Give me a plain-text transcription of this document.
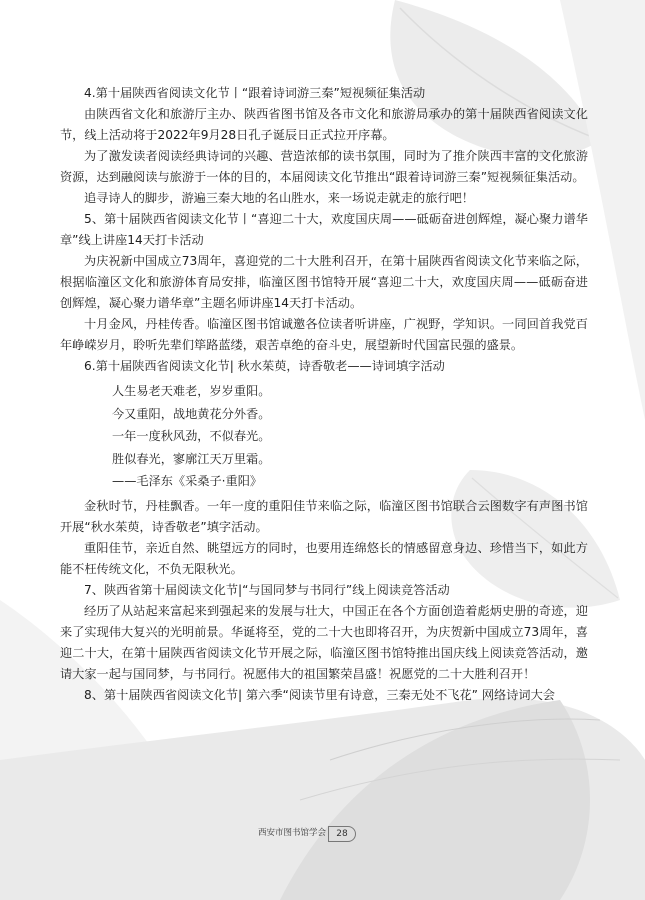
4.第十届陕西省阅读文化节丨“跟着诗词游三秦”短视频征集活动

由陕西省文化和旅游厅主办、陕西省图书馆及各市文化和旅游局承办的第十届陕西省阅读文化节，线上活动将于2022年9月28日孔子诞辰日正式拉开序幕。

为了激发读者阅读经典诗词的兴趣、营造浓郁的读书氛围，同时为了推介陕西丰富的文化旅游资源，达到融阅读与旅游于一体的目的，本届阅读文化节推出“跟着诗词游三秦”短视频征集活动。

追寻诗人的脚步，游遍三秦大地的名山胜水，来一场说走就走的旅行吧！

5、第十届陕西省阅读文化节丨“喜迎二十大，欢度国庆周——砥砺奋进创辉煌，凝心聚力谱华章”线上讲座14天打卡活动

为庆祝新中国成立73周年，喜迎党的二十大胜利召开，在第十届陕西省阅读文化节来临之际，根据临潼区文化和旅游体育局安排，临潼区图书馆特开展“喜迎二十大，欢度国庆周——砥砺奋进创辉煌，凝心聚力谱华章”主题名师讲座14天打卡活动。

十月金风，丹桂传香。临潼区图书馆诚邀各位读者听讲座，广视野，学知识。一同回首我党百年峥嵘岁月，聆听先辈们筚路蓝缕，艰苦卓绝的奋斗史，展望新时代国富民强的盛景。

6.第十届陕西省阅读文化节| 秋水茱萸，诗香敬老——诗词填字活动

人生易老天难老，岁岁重阳。
今又重阳，战地黄花分外香。
一年一度秋风劲，不似春光。
胜似春光，寥廓江天万里霜。
——毛泽东《采桑子·重阳》

金秋时节，丹桂飘香。一年一度的重阳佳节来临之际，临潼区图书馆联合云图数字有声图书馆开展“秋水茱萸，诗香敬老”填字活动。

重阳佳节，亲近自然、眺望远方的同时，也要用连绵悠长的情感留意身边、珍惜当下，如此方能不枉传统文化，不负无限秋光。

7、陕西省第十届阅读文化节|“与国同梦与书同行”线上阅读竞答活动

经历了从站起来富起来到强起来的发展与壮大，中国正在各个方面创造着彪炳史册的奇迹，迎来了实现伟大复兴的光明前景。华诞将至，党的二十大也即将召开，为庆贺新中国成立73周年，喜迎二十大，在第十届陕西省阅读文化节开展之际，临潼区图书馆特推出国庆线上阅读竞答活动，邀请大家一起与国同梦，与书同行。祝愿伟大的祖国繁荣昌盛！祝愿党的二十大胜利召开！

8、第十届陕西省阅读文化节| 第六季“阅读节里有诗意，三秦无处不飞花” 网络诗词大会

西安市图书馆学会	28
